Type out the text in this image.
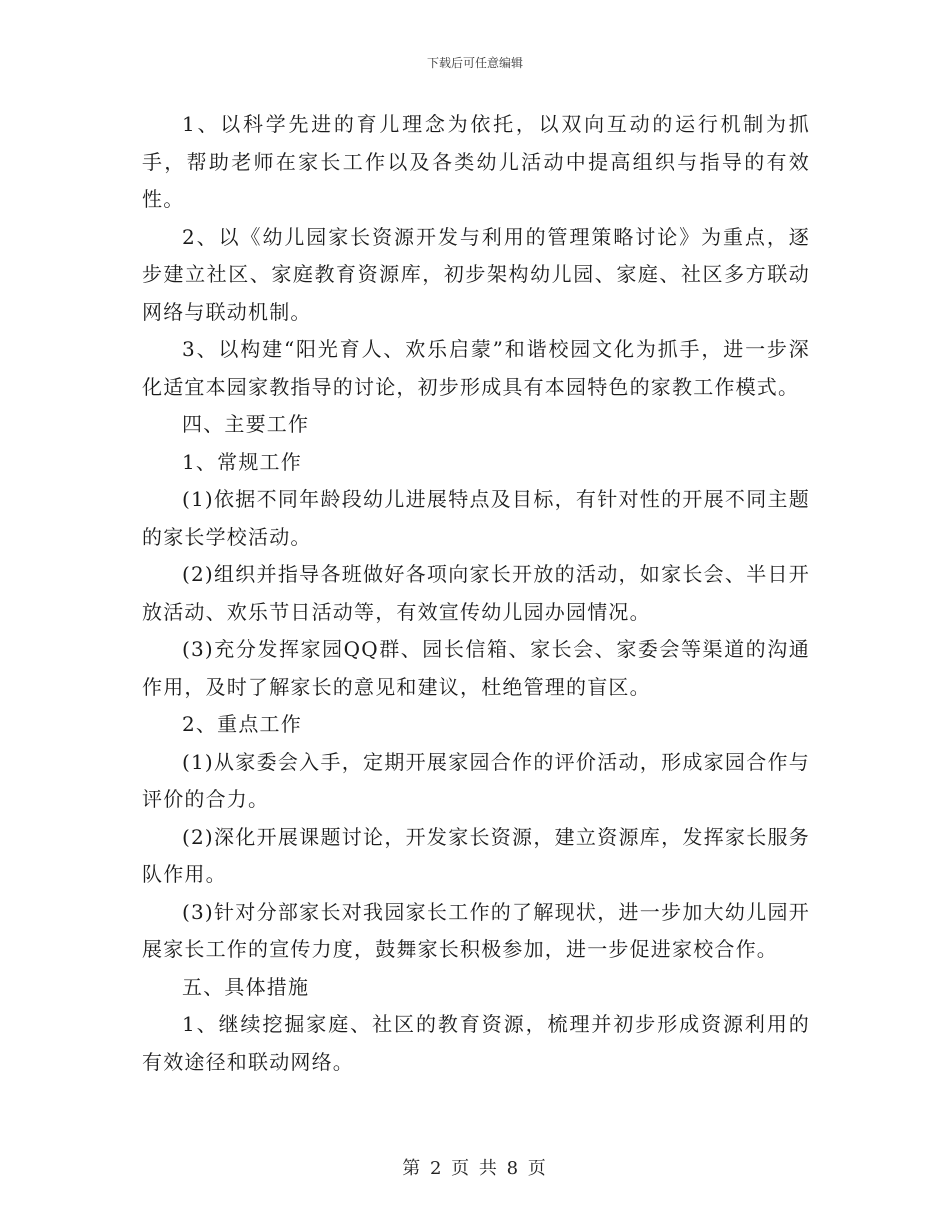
下载后可任意编辑

1、以科学先进的育儿理念为依托，以双向互动的运行机制为抓手，帮助老师在家长工作以及各类幼儿活动中提高组织与指导的有效性。

2、以《幼儿园家长资源开发与利用的管理策略讨论》为重点，逐步建立社区、家庭教育资源库，初步架构幼儿园、家庭、社区多方联动网络与联动机制。

3、以构建“阳光育人、欢乐启蒙”和谐校园文化为抓手，进一步深化适宜本园家教指导的讨论，初步形成具有本园特色的家教工作模式。

四、主要工作

1、常规工作

(1)依据不同年龄段幼儿进展特点及目标，有针对性的开展不同主题的家长学校活动。

(2)组织并指导各班做好各项向家长开放的活动，如家长会、半日开放活动、欢乐节日活动等，有效宣传幼儿园办园情况。

(3)充分发挥家园QQ群、园长信箱、家长会、家委会等渠道的沟通作用，及时了解家长的意见和建议，杜绝管理的盲区。

2、重点工作

(1)从家委会入手，定期开展家园合作的评价活动，形成家园合作与评价的合力。

(2)深化开展课题讨论，开发家长资源，建立资源库，发挥家长服务队作用。

(3)针对分部家长对我园家长工作的了解现状，进一步加大幼儿园开展家长工作的宣传力度，鼓舞家长积极参加，进一步促进家校合作。

五、具体措施

1、继续挖掘家庭、社区的教育资源，梳理并初步形成资源利用的有效途径和联动网络。

第 2 页 共 8 页
